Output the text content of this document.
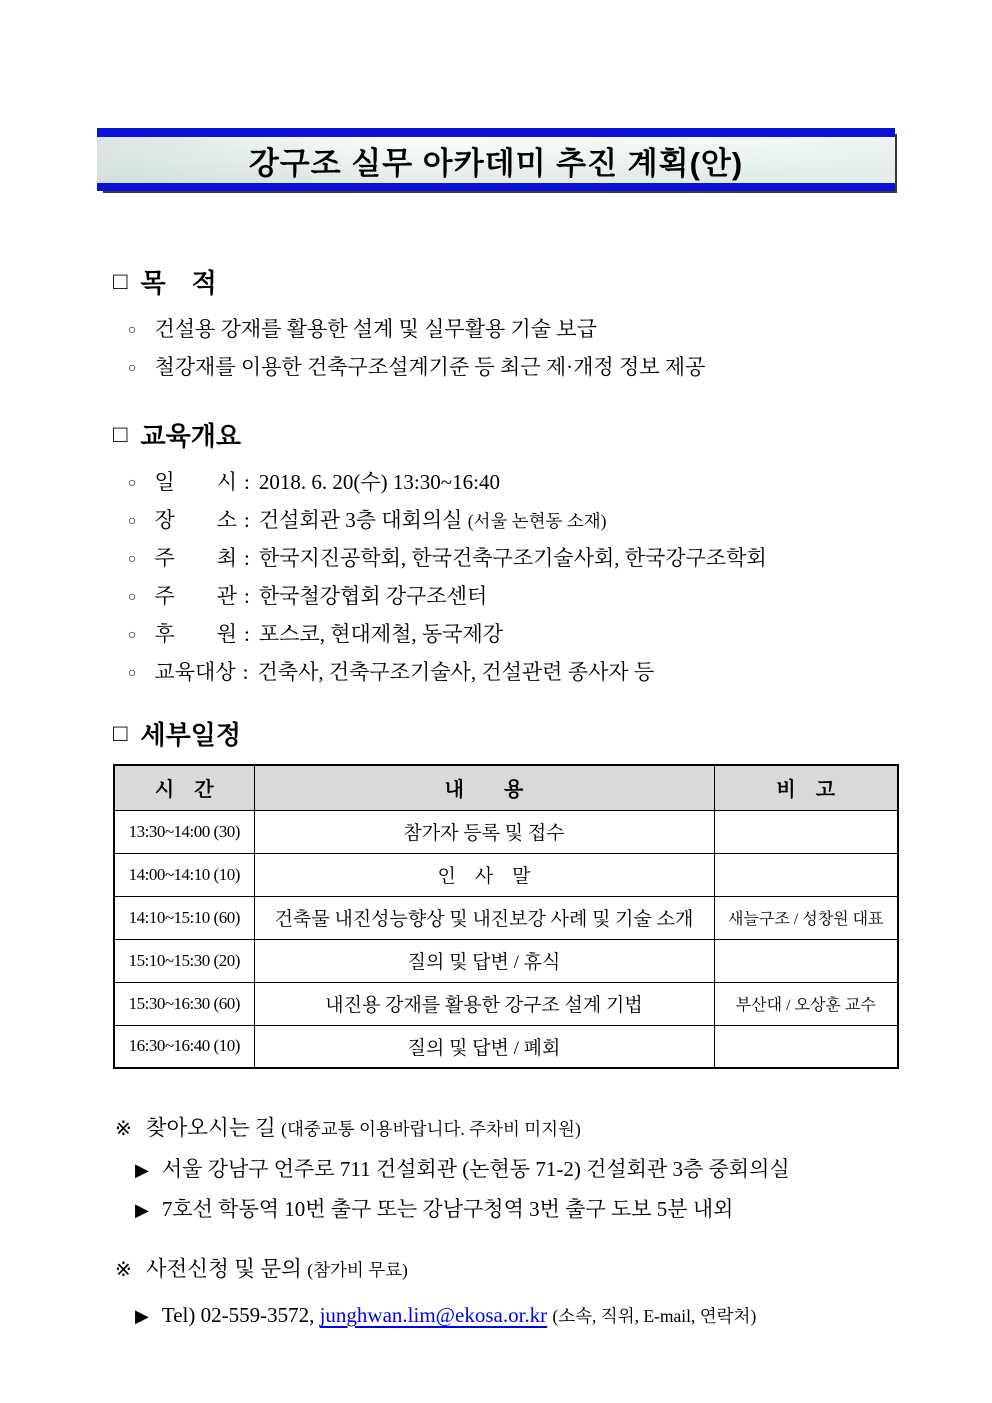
강구조 실무 아카데미 추진 계획(안)
□ 목　적
○ 건설용 강재를 활용한 설계 및 실무활용 기술 보급
○ 철강재를 이용한 건축구조설계기준 등 최근 제·개정 정보 제공
□ 교육개요
○ 일　　시 : 2018. 6. 20(수) 13:30~16:40
○ 장　　소 : 건설회관 3층 대회의실 (서울 논현동 소재)
○ 주　　최 : 한국지진공학회, 한국건축구조기술사회, 한국강구조학회
○ 주　　관 : 한국철강협회 강구조센터
○ 후　　원 : 포스코, 현대제철, 동국제강
○ 교육대상 : 건축사, 건축구조기술사, 건설관련 종사자 등
□ 세부일정
시　간	내　　용	비　고
13:30~14:00 (30)	참가자 등록 및 접수	
14:00~14:10 (10)	인　사　말	
14:10~15:10 (60)	건축물 내진성능향상 및 내진보강 사례 및 기술 소개	새늘구조 / 성창원 대표
15:10~15:30 (20)	질의 및 답변 / 휴식	
15:30~16:30 (60)	내진용 강재를 활용한 강구조 설계 기법	부산대 / 오상훈 교수
16:30~16:40 (10)	질의 및 답변 / 폐회	
※ 찾아오시는 길 (대중교통 이용바랍니다. 주차비 미지원)
▶ 서울 강남구 언주로 711 건설회관 (논현동 71-2) 건설회관 3층 중회의실
▶ 7호선 학동역 10번 출구 또는 강남구청역 3번 출구 도보 5분 내외
※ 사전신청 및 문의 (참가비 무료)
▶ Tel) 02-559-3572, junghwan.lim@ekosa.or.kr (소속, 직위, E-mail, 연락처)
